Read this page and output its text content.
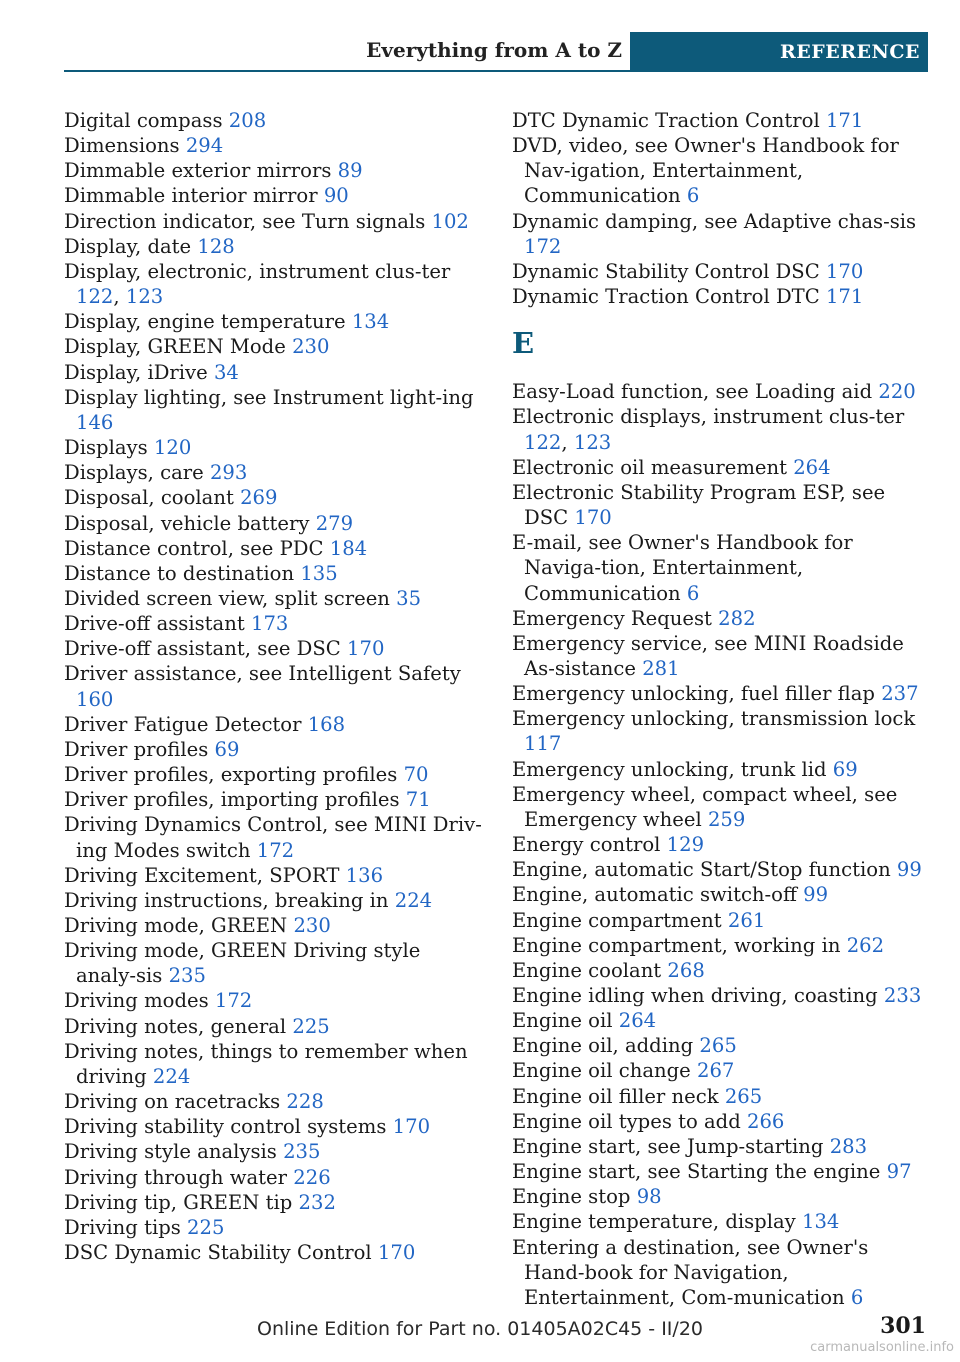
Everything from A to Z	REFERENCE
Digital compass 208
Dimensions 294
Dimmable exterior mirrors 89
Dimmable interior mirror 90
Direction indicator, see Turn signals 102
Display, date 128
Display, electronic, instrument clus-ter 122, 123
Display, engine temperature 134
Display, GREEN Mode 230
Display, iDrive 34
Display lighting, see Instrument light-ing 146
Displays 120
Displays, care 293
Disposal, coolant 269
Disposal, vehicle battery 279
Distance control, see PDC 184
Distance to destination 135
Divided screen view, split screen 35
Drive-off assistant 173
Drive-off assistant, see DSC 170
Driver assistance, see Intelligent Safety 160
Driver Fatigue Detector 168
Driver profiles 69
Driver profiles, exporting profiles 70
Driver profiles, importing profiles 71
Driving Dynamics Control, see MINI Driv-ing Modes switch 172
Driving Excitement, SPORT 136
Driving instructions, breaking in 224
Driving mode, GREEN 230
Driving mode, GREEN Driving style analy-sis 235
Driving modes 172
Driving notes, general 225
Driving notes, things to remember when driving 224
Driving on racetracks 228
Driving stability control systems 170
Driving style analysis 235
Driving through water 226
Driving tip, GREEN tip 232
Driving tips 225
DSC Dynamic Stability Control 170
DTC Dynamic Traction Control 171
DVD, video, see Owner's Handbook for Nav-igation, Entertainment, Communication 6
Dynamic damping, see Adaptive chas-sis 172
Dynamic Stability Control DSC 170
Dynamic Traction Control DTC 171
E
Easy-Load function, see Loading aid 220
Electronic displays, instrument clus-ter 122, 123
Electronic oil measurement 264
Electronic Stability Program ESP, see DSC 170
E-mail, see Owner's Handbook for Naviga-tion, Entertainment, Communication 6
Emergency Request 282
Emergency service, see MINI Roadside As-sistance 281
Emergency unlocking, fuel filler flap 237
Emergency unlocking, transmission lock 117
Emergency unlocking, trunk lid 69
Emergency wheel, compact wheel, see Emergency wheel 259
Energy control 129
Engine, automatic Start/Stop function 99
Engine, automatic switch-off 99
Engine compartment 261
Engine compartment, working in 262
Engine coolant 268
Engine idling when driving, coasting 233
Engine oil 264
Engine oil, adding 265
Engine oil change 267
Engine oil filler neck 265
Engine oil types to add 266
Engine start, see Jump-starting 283
Engine start, see Starting the engine 97
Engine stop 98
Engine temperature, display 134
Entering a destination, see Owner's Hand-book for Navigation, Entertainment, Com-munication 6
Online Edition for Part no. 01405A02C45 - II/20	301
carmanualsonline.info
